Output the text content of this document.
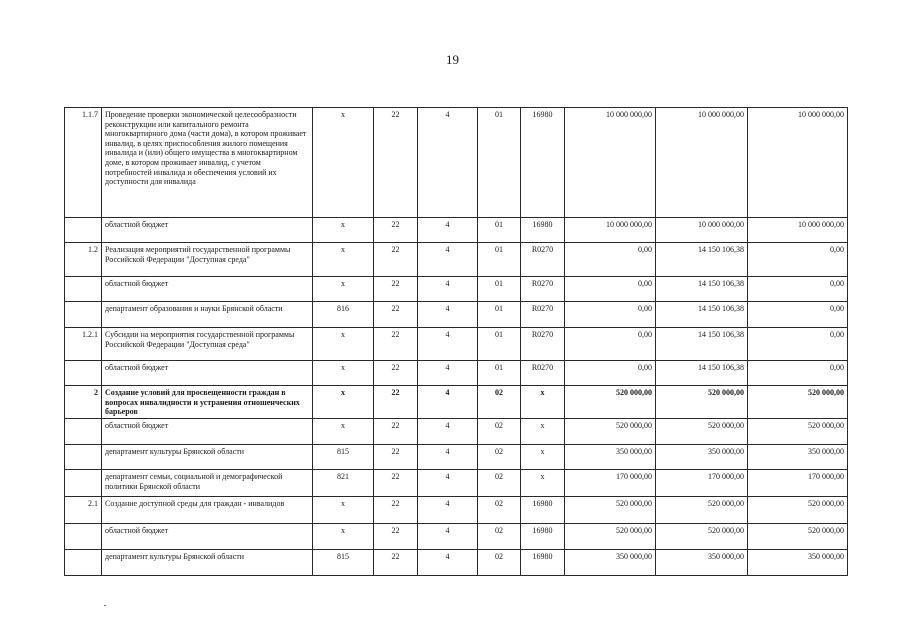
19
1.1.7	Проведение проверки экономической целесообразности реконструкции или капитального ремонта многоквартирного дома (части дома), в котором проживает инвалид, в целях приспособления жилого помещения инвалида и (или) общего имущества в многоквартирном доме, в котором проживает инвалид, с учетом потребностей инвалида и обеспечения условий их доступности для инвалида	x	22	4	01	16980	10 000 000,00	10 000 000,00	10 000 000,00
	областной бюджет	x	22	4	01	16980	10 000 000,00	10 000 000,00	10 000 000,00
1.2	Реализация мероприятий государственной программы Российской Федерации "Доступная среда"	x	22	4	01	R0270	0,00	14 150 106,38	0,00
	областной бюджет	x	22	4	01	R0270	0,00	14 150 106,38	0,00
	департамент образования и науки Брянской области	816	22	4	01	R0270	0,00	14 150 106,38	0,00
1.2.1	Субсидии на мероприятия государственной программы Российской Федерации "Доступная среда"	x	22	4	01	R0270	0,00	14 150 106,38	0,00
	областной бюджет	x	22	4	01	R0270	0,00	14 150 106,38	0,00
2	Создание условий для просвещенности граждан в вопросах инвалидности и устранения отношенческих барьеров	x	22	4	02	x	520 000,00	520 000,00	520 000,00
	областной бюджет	x	22	4	02	x	520 000,00	520 000,00	520 000,00
	департамент культуры Брянской области	815	22	4	02	x	350 000,00	350 000,00	350 000,00
	департамент семьи, социальной и демографической политики Брянской области	821	22	4	02	x	170 000,00	170 000,00	170 000,00
2.1	Создание доступной среды для граждан - инвалидов	x	22	4	02	16980	520 000,00	520 000,00	520 000,00
	областной бюджет	x	22	4	02	16980	520 000,00	520 000,00	520 000,00
	департамент культуры Брянской области	815	22	4	02	16980	350 000,00	350 000,00	350 000,00
